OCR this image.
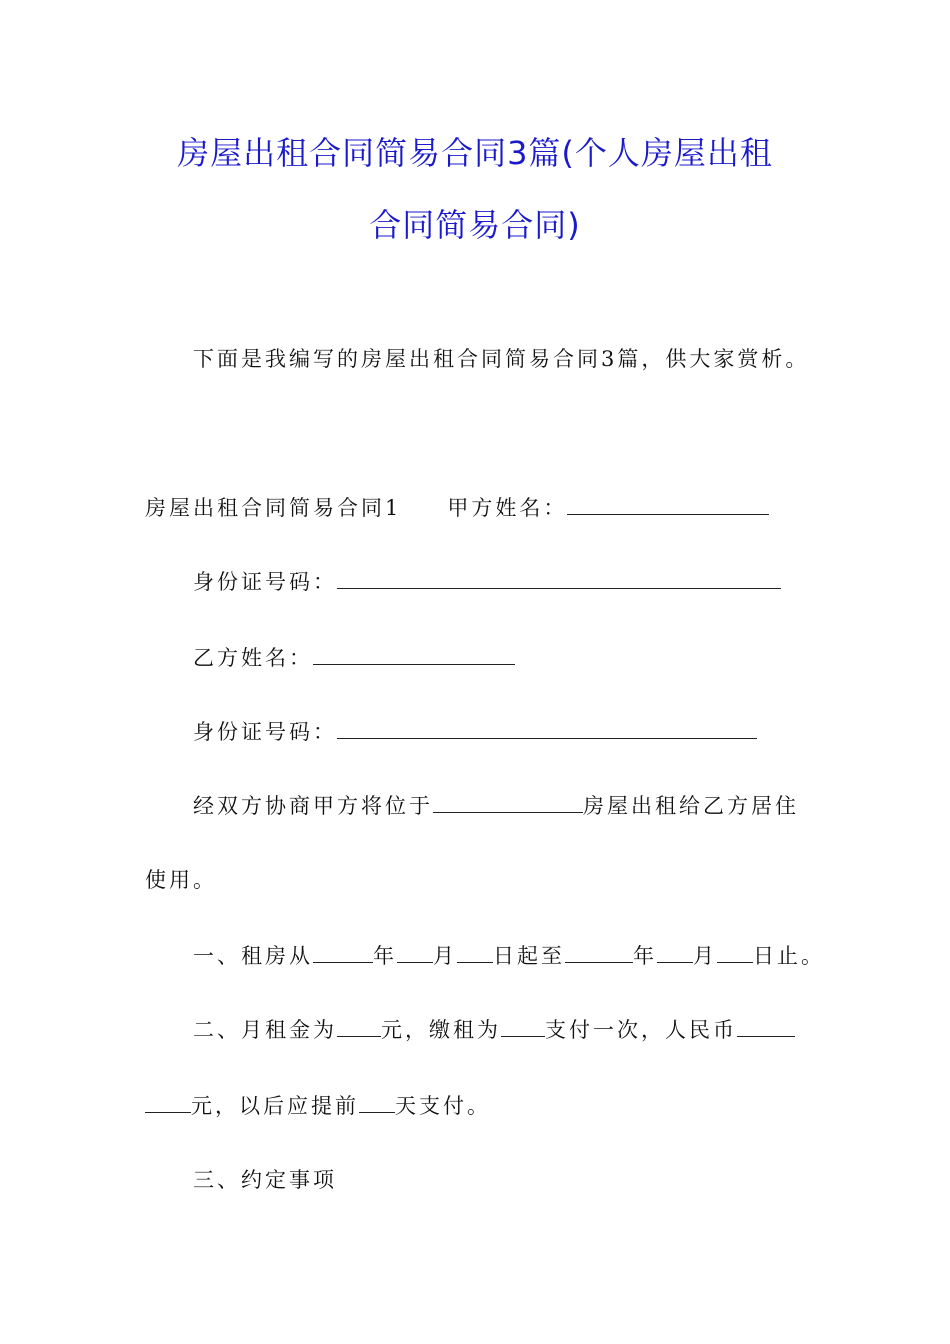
房屋出租合同简易合同3篇(个人房屋出租
合同简易合同)
下面是我编写的房屋出租合同简易合同3篇，供大家赏析。
房屋出租合同简易合同1 甲方姓名：
身份证号码：
乙方姓名：
身份证号码：
经双方协商甲方将位于	房屋出租给乙方居住
使用。
一、租房从	年 月 日起至	年 月 日止。
二、月租金为 元，缴租为 支付一次，人民币
元，以后应提前 天支付。
三、约定事项
